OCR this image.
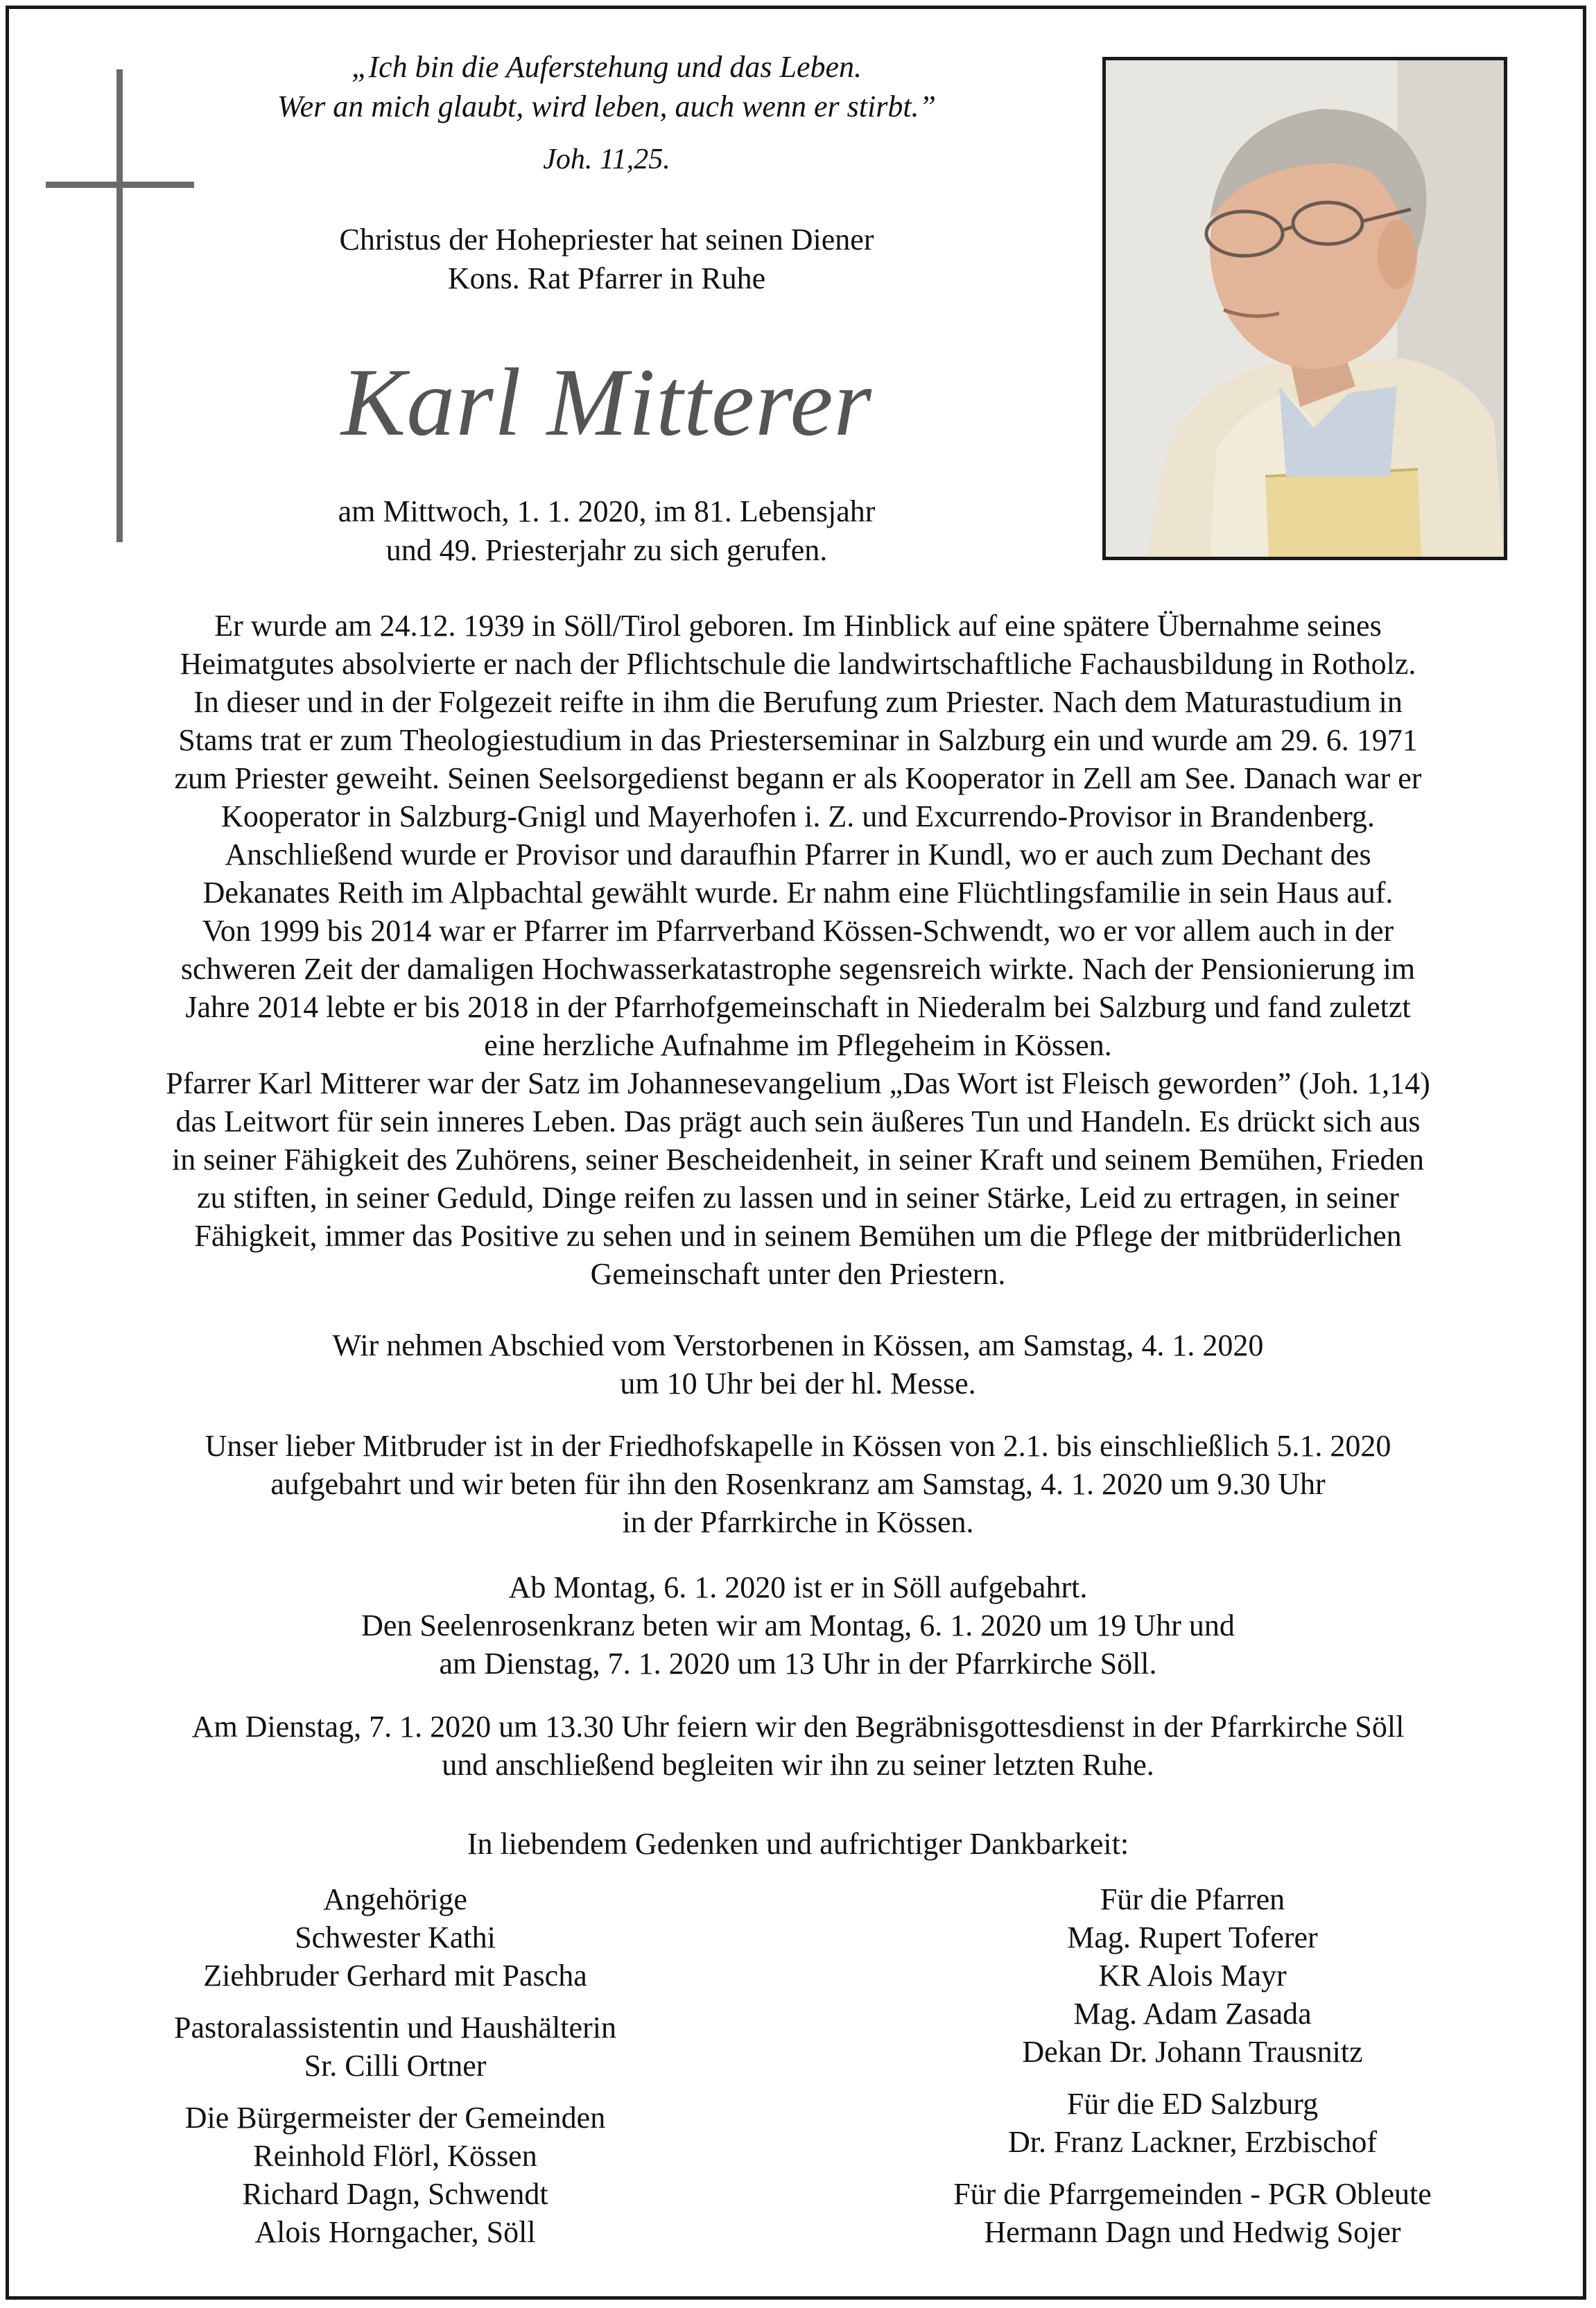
„Ich bin die Auferstehung und das Leben.
Wer an mich glaubt, wird leben, auch wenn er stirbt.”
Joh. 11,25.
Christus der Hohepriester hat seinen Diener
Kons. Rat Pfarrer in Ruhe
Karl Mitterer
am Mittwoch, 1. 1. 2020, im 81. Lebensjahr
und 49. Priesterjahr zu sich gerufen.
Er wurde am 24.12. 1939 in Söll/Tirol geboren. Im Hinblick auf eine spätere Übernahme seines
Heimatgutes absolvierte er nach der Pflichtschule die landwirtschaftliche Fachausbildung in Rotholz.
In dieser und in der Folgezeit reifte in ihm die Berufung zum Priester. Nach dem Maturastudium in
Stams trat er zum Theologiestudium in das Priesterseminar in Salzburg ein und wurde am 29. 6. 1971
zum Priester geweiht. Seinen Seelsorgedienst begann er als Kooperator in Zell am See. Danach war er
Kooperator in Salzburg-Gnigl und Mayerhofen i. Z. und Excurrendo-Provisor in Brandenberg.
Anschließend wurde er Provisor und daraufhin Pfarrer in Kundl, wo er auch zum Dechant des
Dekanates Reith im Alpbachtal gewählt wurde. Er nahm eine Flüchtlingsfamilie in sein Haus auf.
Von 1999 bis 2014 war er Pfarrer im Pfarrverband Kössen-Schwendt, wo er vor allem auch in der
schweren Zeit der damaligen Hochwasserkatastrophe segensreich wirkte. Nach der Pensionierung im
Jahre 2014 lebte er bis 2018 in der Pfarrhofgemeinschaft in Niederalm bei Salzburg und fand zuletzt
eine herzliche Aufnahme im Pflegeheim in Kössen.
Pfarrer Karl Mitterer war der Satz im Johannesevangelium „Das Wort ist Fleisch geworden” (Joh. 1,14)
das Leitwort für sein inneres Leben. Das prägt auch sein äußeres Tun und Handeln. Es drückt sich aus
in seiner Fähigkeit des Zuhörens, seiner Bescheidenheit, in seiner Kraft und seinem Bemühen, Frieden
zu stiften, in seiner Geduld, Dinge reifen zu lassen und in seiner Stärke, Leid zu ertragen, in seiner
Fähigkeit, immer das Positive zu sehen und in seinem Bemühen um die Pflege der mitbrüderlichen
Gemeinschaft unter den Priestern.
Wir nehmen Abschied vom Verstorbenen in Kössen, am Samstag, 4. 1. 2020
um 10 Uhr bei der hl. Messe.
Unser lieber Mitbruder ist in der Friedhofskapelle in Kössen von 2.1. bis einschließlich 5.1. 2020
aufgebahrt und wir beten für ihn den Rosenkranz am Samstag, 4. 1. 2020 um 9.30 Uhr
in der Pfarrkirche in Kössen.
Ab Montag, 6. 1. 2020 ist er in Söll aufgebahrt.
Den Seelenrosenkranz beten wir am Montag, 6. 1. 2020 um 19 Uhr und
am Dienstag, 7. 1. 2020 um 13 Uhr in der Pfarrkirche Söll.
Am Dienstag, 7. 1. 2020 um 13.30 Uhr feiern wir den Begräbnisgottesdienst in der Pfarrkirche Söll
und anschließend begleiten wir ihn zu seiner letzten Ruhe.
In liebendem Gedenken und aufrichtiger Dankbarkeit:
Angehörige
Schwester Kathi
Ziehbruder Gerhard mit Pascha
Pastoralassistentin und Haushälterin
Sr. Cilli Ortner
Die Bürgermeister der Gemeinden
Reinhold Flörl, Kössen
Richard Dagn, Schwendt
Alois Horngacher, Söll
Für die Pfarren
Mag. Rupert Toferer
KR Alois Mayr
Mag. Adam Zasada
Dekan Dr. Johann Trausnitz
Für die ED Salzburg
Dr. Franz Lackner, Erzbischof
Für die Pfarrgemeinden - PGR Obleute
Hermann Dagn und Hedwig Sojer
